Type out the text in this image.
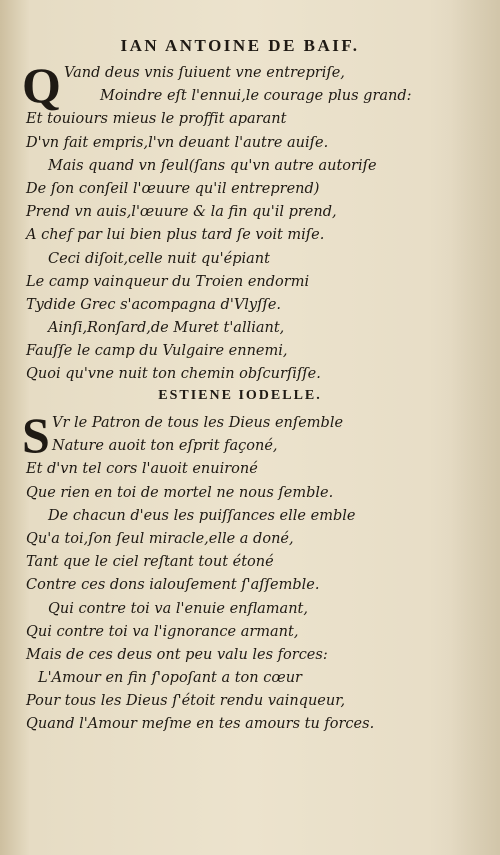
IAN ANTOINE DE BAIF.
Q Vand deus vnis ſuiuent vne entrepriſe,
Moindre eſt l'ennui,le courage plus grand:
Et touiours mieus le proffit aparant
D'vn fait empris,l'vn deuant l'autre auiſe.
Mais quand vn ſeul(ſans qu'vn autre autoriſe
De ſon conſeil l'œuure qu'il entreprend)
Prend vn auis,l'œuure & la fin qu'il prend,
A chef par lui bien plus tard ſe voit miſe.
Ceci diſoit,celle nuit qu'épiant
Le camp vainqueur du Troien endormi
Tydide Grec s'acompagna d'Vlyſſe.
Ainſi,Ronſard,de Muret t'alliant,
Fauſſe le camp du Vulgaire ennemi,
Quoi qu'vne nuit ton chemin obſcurſiſſe.
ESTIENE IODELLE.
S Vr le Patron de tous les Dieus enſemble
Nature auoit ton eſprit façoné,
Et d'vn tel cors l'auoit enuironé
Que rien en toi de mortel ne nous ſemble.
De chacun d'eus les puiſſances elle emble
Qu'a toi,ſon ſeul miracle,elle a doné,
Tant que le ciel reſtant tout étoné
Contre ces dons ialouſement ſ'aſſemble.
Qui contre toi va l'enuie enflamant,
Qui contre toi va l'ignorance armant,
Mais de ces deus ont peu valu les forces:
L'Amour en fin ſ'opoſant a ton cœur
Pour tous les Dieus ſ'étoit rendu vainqueur,
Quand l'Amour meſme en tes amours tu forces.
